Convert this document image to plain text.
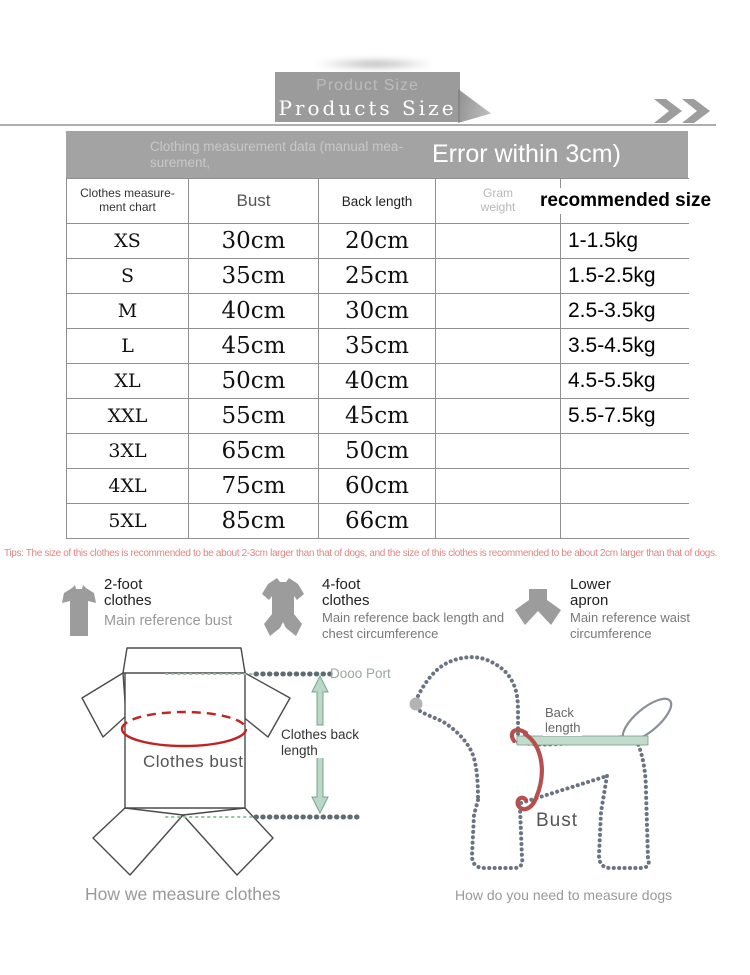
Product Size
Products Size
Clothing measurement data (manual mea-
surement,	Error within 3cm)
Clothes measure-
ment chart	Bust	Back length	
Gram
weight	recommended size

XS	30cm	20cm		1-1.5kg
S	35cm	25cm		1.5-2.5kg
M	40cm	30cm		2.5-3.5kg
L	45cm	35cm		3.5-4.5kg
XL	50cm	40cm		4.5-5.5kg
XXL	55cm	45cm		5.5-7.5kg
3XL	65cm	50cm		
4XL	75cm	60cm		
5XL	85cm	66cm		
Tips: The size of this clothes is recommended to be about 2-3cm larger than that of dogs, and the size of this clothes is recommended to be about 2cm larger than that of dogs.
2-foot
clothes
Main reference bust
4-foot
clothes
Main reference back length and chest circumference
Lower
apron
Main reference waist circumference
Clothes bust
Clothes back
length
Dooo Port
How we measure clothes
Back
length
Bust
How do you need to measure dogs
